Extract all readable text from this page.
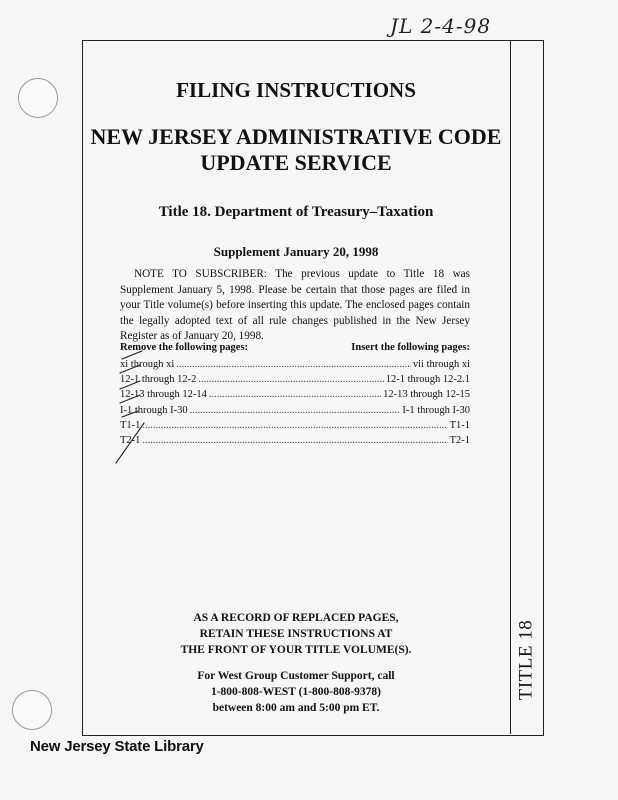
JL 2-4-98
TITLE 18
FILING INSTRUCTIONS
NEW JERSEY ADMINISTRATIVE CODE
UPDATE SERVICE
Title 18. Department of Treasury–Taxation
Supplement January 20, 1998
NOTE TO SUBSCRIBER: The previous update to Title 18 was Supplement January 5, 1998. Please be certain that those pages are filed in your Title volume(s) before inserting this update. The enclosed pages contain the legally adopted text of all rule changes published in the New Jersey Register as of January 20, 1998.
Remove the following pages:	Insert the following pages:
xi through xi .....	vii through xi
12-1 through 12-2 .....	12-1 through 12-2.1
12-13 through 12-14 .....	12-13 through 12-15
I-1 through I-30 .....	I-1 through I-30
T1-1 .....	T1-1
T2-1 .....	T2-1
AS A RECORD OF REPLACED PAGES,
RETAIN THESE INSTRUCTIONS AT
THE FRONT OF YOUR TITLE VOLUME(S).
For West Group Customer Support, call
1-800-808-WEST (1-800-808-9378)
between 8:00 am and 5:00 pm ET.
New Jersey State Library
